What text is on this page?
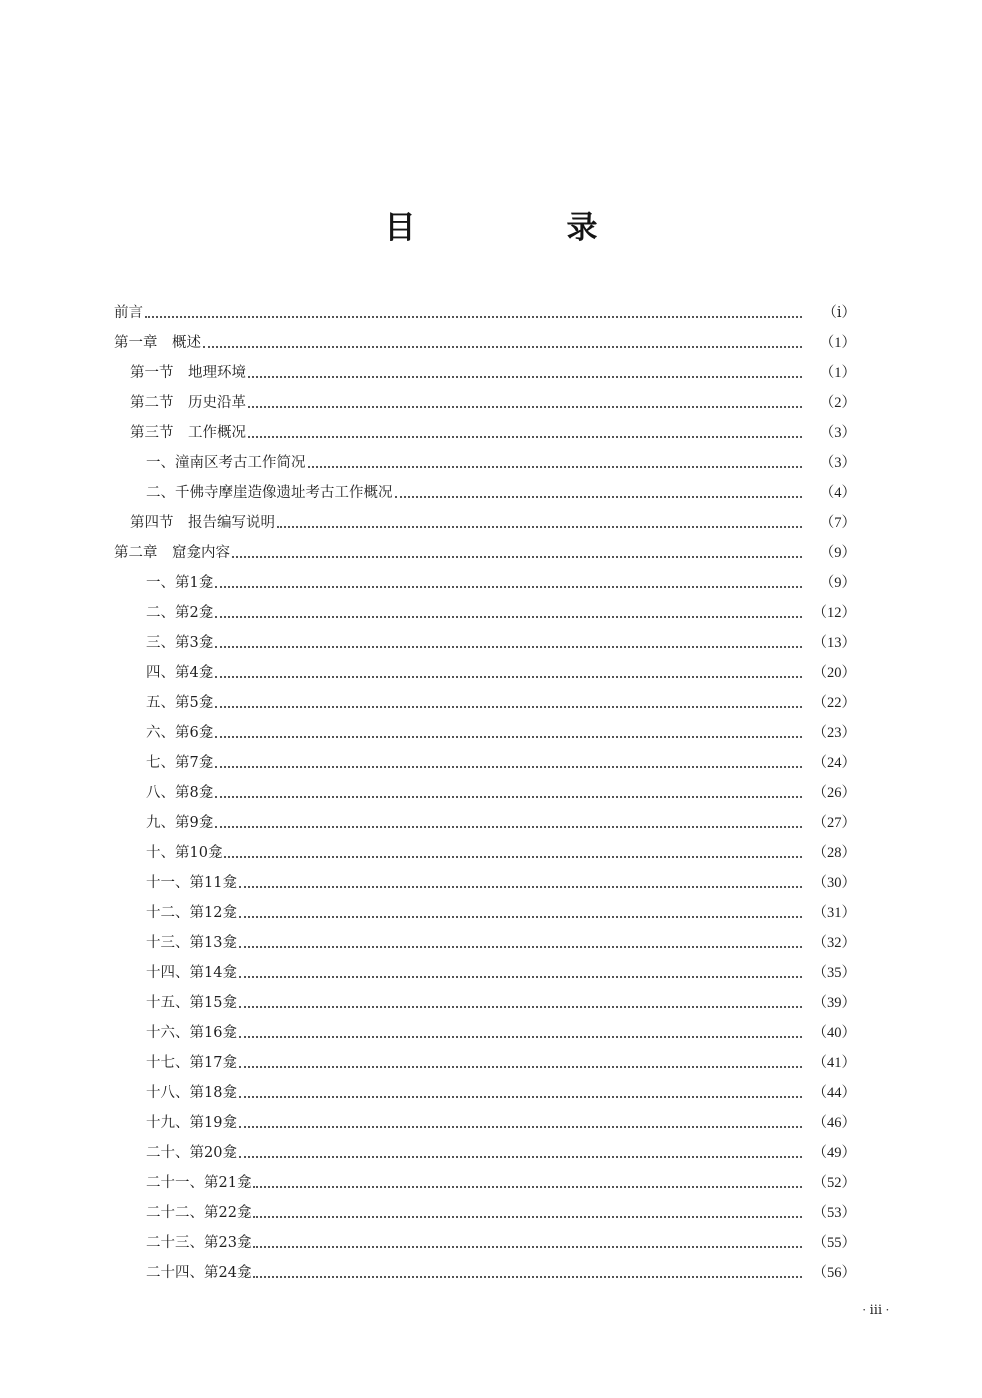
目　录
前言	（ⅰ）
第一章　概述	（1）
第一节　地理环境	（1）
第二节　历史沿革	（2）
第三节　工作概况	（3）
一、潼南区考古工作简况	（3）
二、千佛寺摩崖造像遗址考古工作概况	（4）
第四节　报告编写说明	（7）
第二章　窟龛内容	（9）
一、第1龛	（9）
二、第2龛	（12）
三、第3龛	（13）
四、第4龛	（20）
五、第5龛	（22）
六、第6龛	（23）
七、第7龛	（24）
八、第8龛	（26）
九、第9龛	（27）
十、第10龛	（28）
十一、第11龛	（30）
十二、第12龛	（31）
十三、第13龛	（32）
十四、第14龛	（35）
十五、第15龛	（39）
十六、第16龛	（40）
十七、第17龛	（41）
十八、第18龛	（44）
十九、第19龛	（46）
二十、第20龛	（49）
二十一、第21龛	（52）
二十二、第22龛	（53）
二十三、第23龛	（55）
二十四、第24龛	（56）
· ⅲ ·
